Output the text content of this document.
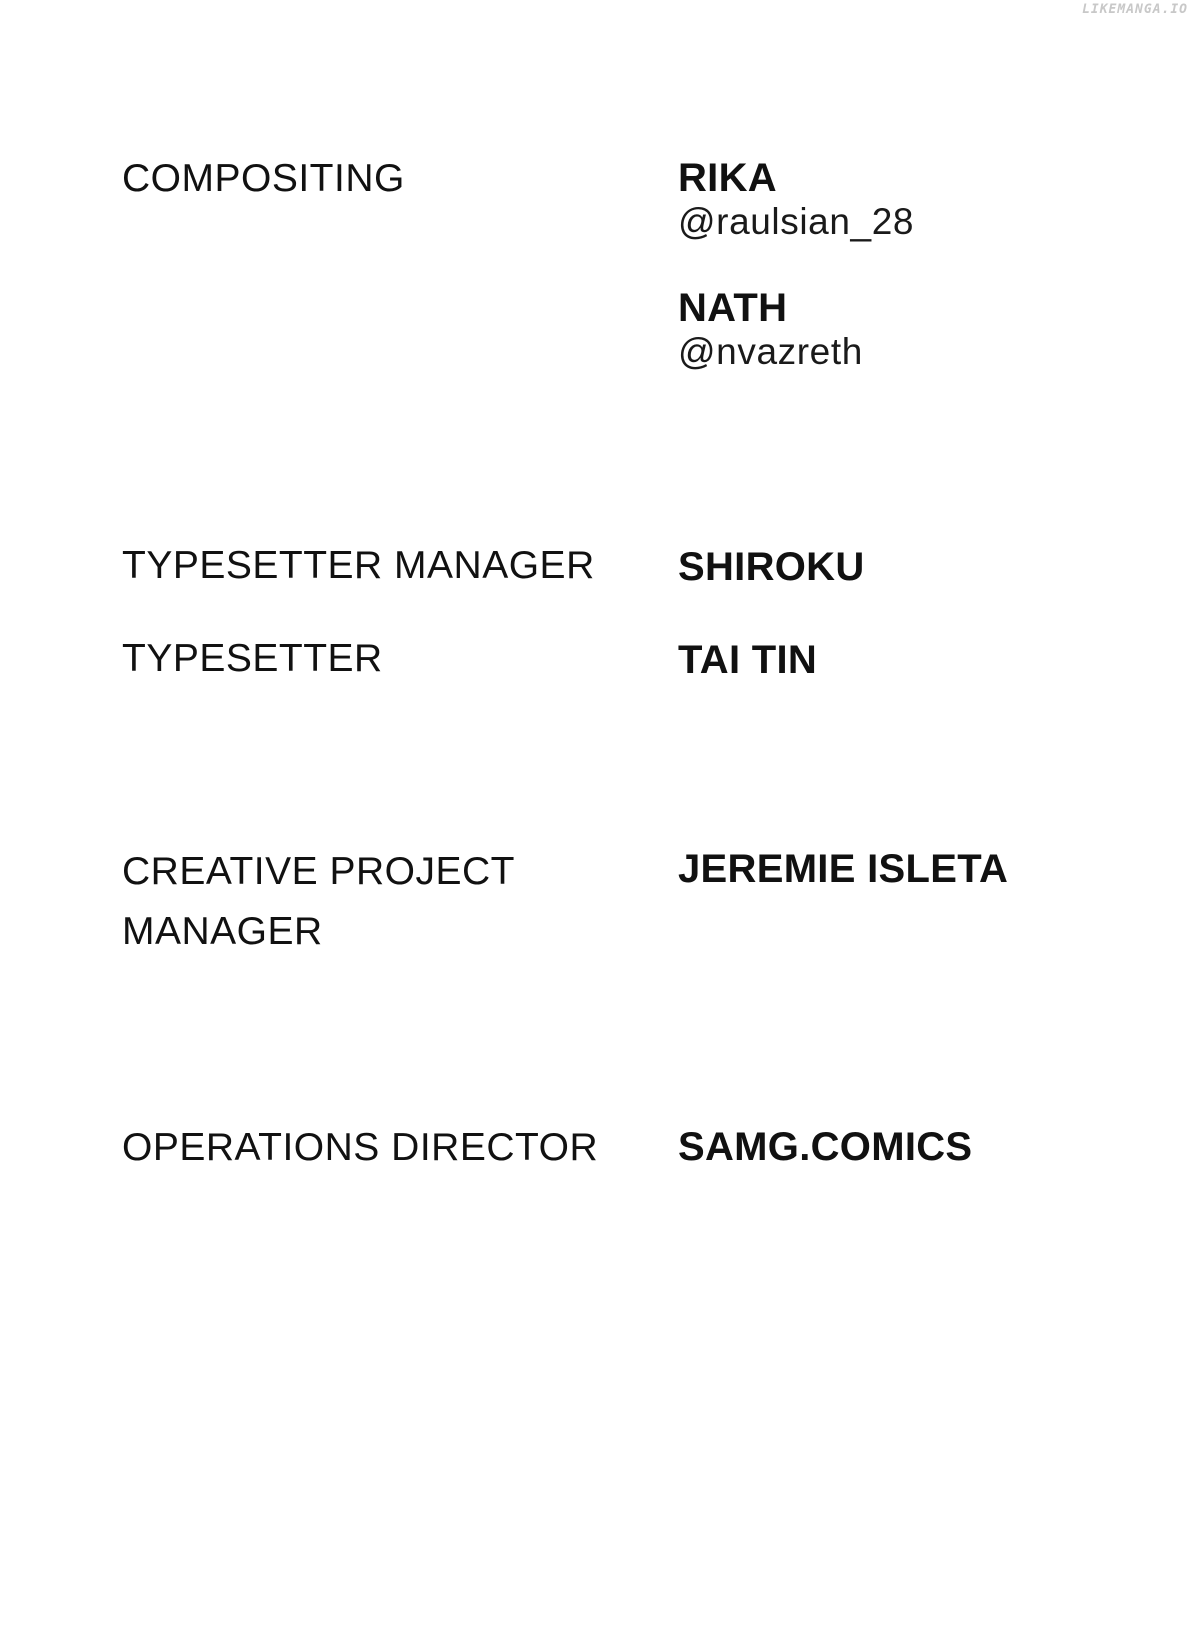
LIKEMANGA.IO
COMPOSITING	RIKA
@raulsian_28
NATH
@nvazreth
TYPESETTER MANAGER SHIROKU
TYPESETTER	TAI TIN
CREATIVE PROJECT
MANAGER
JEREMIE ISLETA
OPERATIONS DIRECTOR SAMG.COMICS
